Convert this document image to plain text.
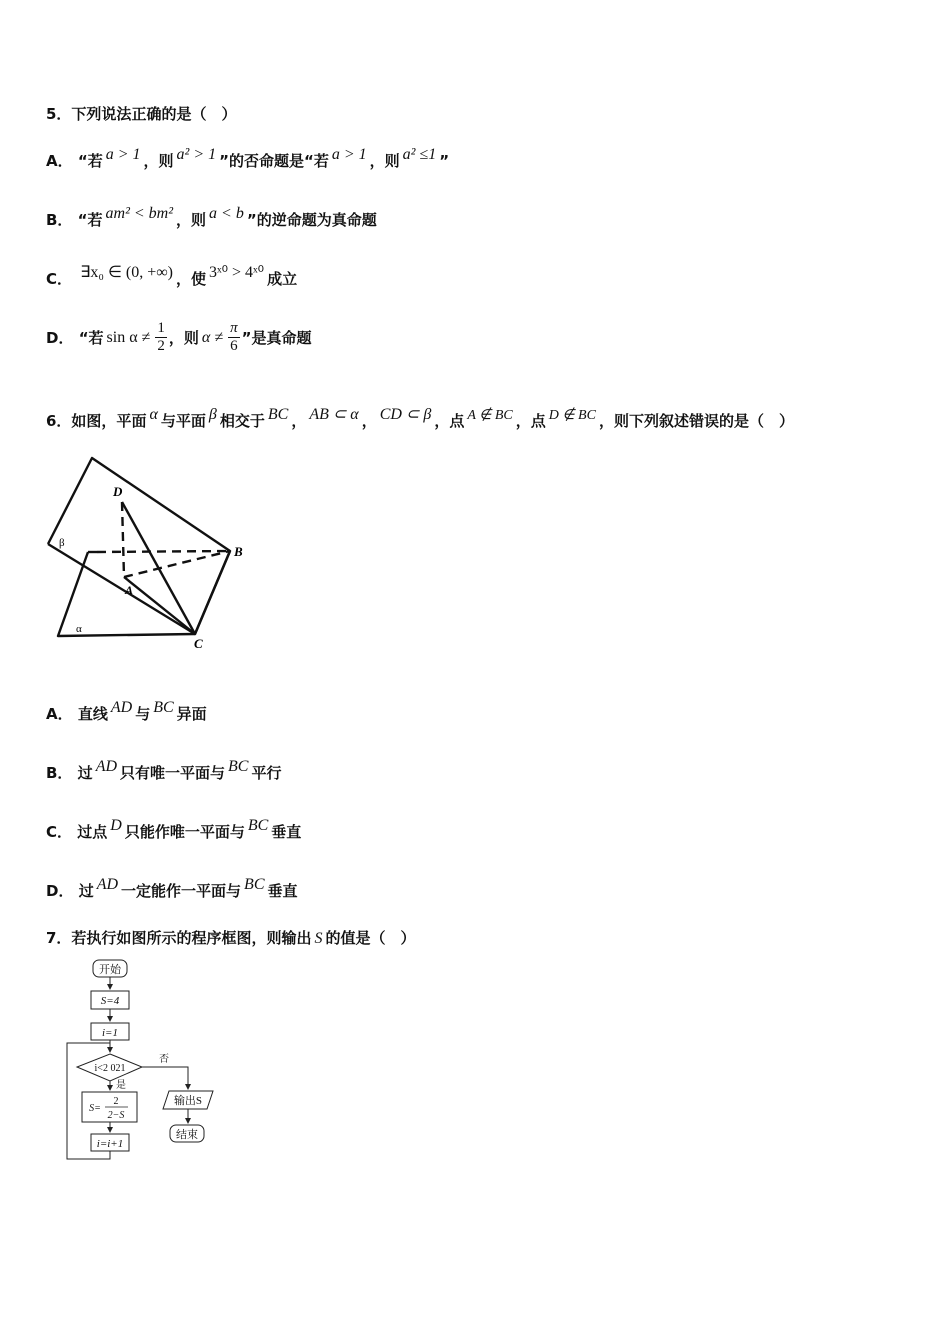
5．下列说法正确的是（　）
A． “若 a > 1 ，则 a² > 1 ”的否命题是“若 a > 1 ，则 a² ≤1 ”
B． “若 am² < bm² ，则 a < b ”的逆命题为真命题
C． ∃x₀ ∈ (0, +∞) ，使 3ˣ⁰ > 4ˣ⁰ 成立
D． “若 $\sin \alpha \ne \frac{1}{2}$ ，则 $\alpha \ne \frac{\pi}{6}$ ”是真命题
6．如图，平面 α 与平面 β 相交于 BC ， AB ⊂ α ， CD ⊂ β ，点 A ∉ BC ，点 D ∉ BC ，则下列叙述错误的是（　）
D
B
A
C
β
α
A． 直线 AD 与 BC 异面
B． 过 AD 只有唯一平面与 BC 平行
C． 过点 D 只能作唯一平面与 BC 垂直
D． 过 AD 一定能作一平面与 BC 垂直
7．若执行如图所示的程序框图，则输出 S 的值是（　）
开始
S=4
i=1
i<2 021
是
否
S=
2
2−S
i=i+1
输出S
结束
